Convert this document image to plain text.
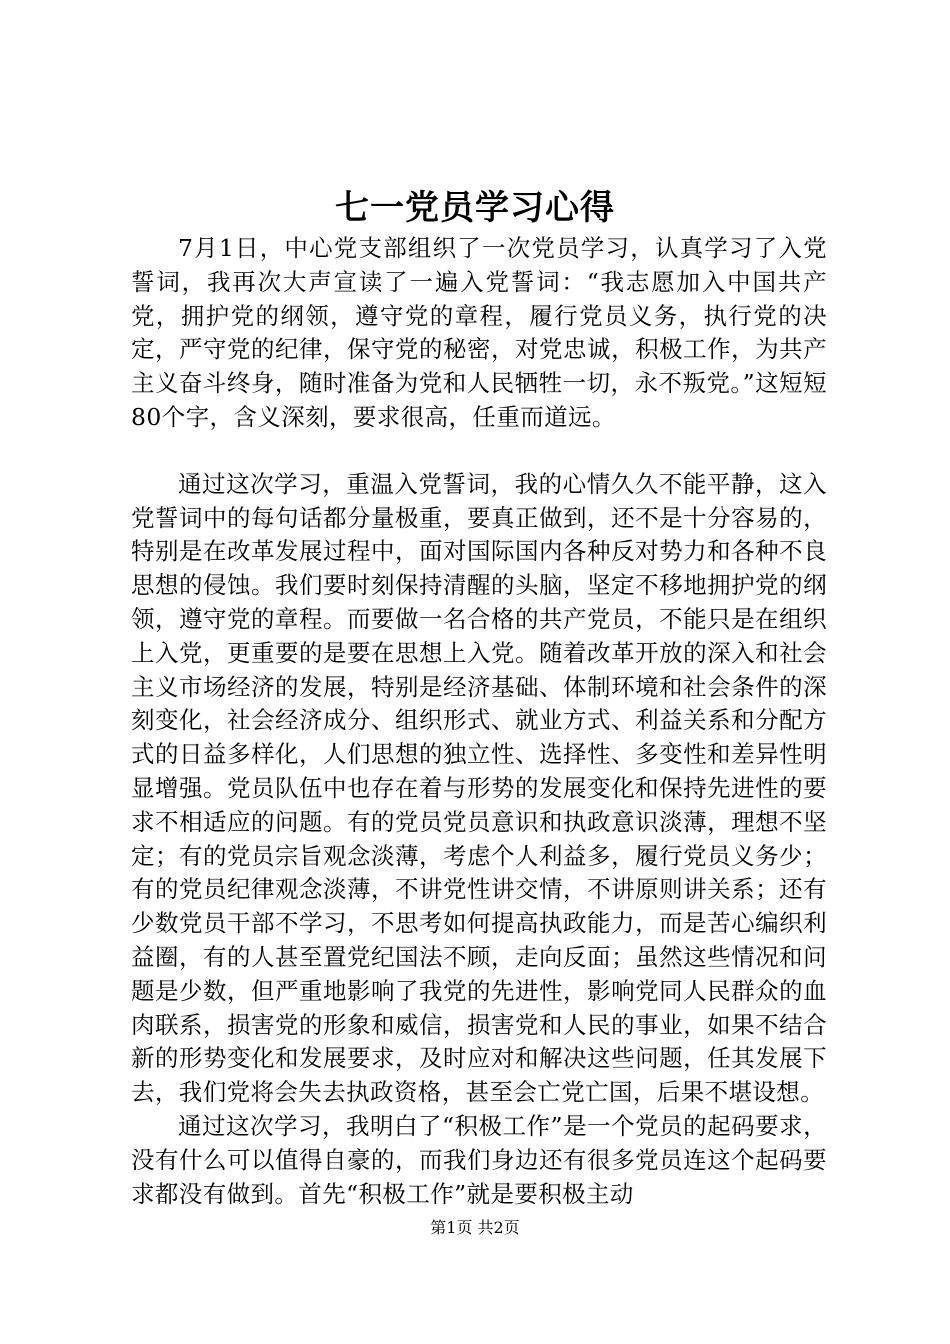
七一党员学习心得

7月1日，中心党支部组织了一次党员学习，认真学习了入党誓词，我再次大声宣读了一遍入党誓词：“我志愿加入中国共产党，拥护党的纲领，遵守党的章程，履行党员义务，执行党的决定，严守党的纪律，保守党的秘密，对党忠诚，积极工作，为共产主义奋斗终身，随时准备为党和人民牺牲一切，永不叛党。”这短短80个字，含义深刻，要求很高，任重而道远。

通过这次学习，重温入党誓词，我的心情久久不能平静，这入党誓词中的每句话都分量极重，要真正做到，还不是十分容易的，特别是在改革发展过程中，面对国际国内各种反对势力和各种不良思想的侵蚀。我们要时刻保持清醒的头脑，坚定不移地拥护党的纲领，遵守党的章程。而要做一名合格的共产党员，不能只是在组织上入党，更重要的是要在思想上入党。随着改革开放的深入和社会主义市场经济的发展，特别是经济基础、体制环境和社会条件的深刻变化，社会经济成分、组织形式、就业方式、利益关系和分配方式的日益多样化，人们思想的独立性、选择性、多变性和差异性明显增强。党员队伍中也存在着与形势的发展变化和保持先进性的要求不相适应的问题。有的党员党员意识和执政意识淡薄，理想不坚定；有的党员宗旨观念淡薄，考虑个人利益多，履行党员义务少；有的党员纪律观念淡薄，不讲党性讲交情，不讲原则讲关系；还有少数党员干部不学习，不思考如何提高执政能力，而是苦心编织利益圈，有的人甚至置党纪国法不顾，走向反面；虽然这些情况和问题是少数，但严重地影响了我党的先进性，影响党同人民群众的血肉联系，损害党的形象和威信，损害党和人民的事业，如果不结合新的形势变化和发展要求，及时应对和解决这些问题，任其发展下去，我们党将会失去执政资格，甚至会亡党亡国，后果不堪设想。

通过这次学习，我明白了“积极工作”是一个党员的起码要求，没有什么可以值得自豪的，而我们身边还有很多党员连这个起码要求都没有做到。首先“积极工作”就是要积极主动

第1页 共2页
